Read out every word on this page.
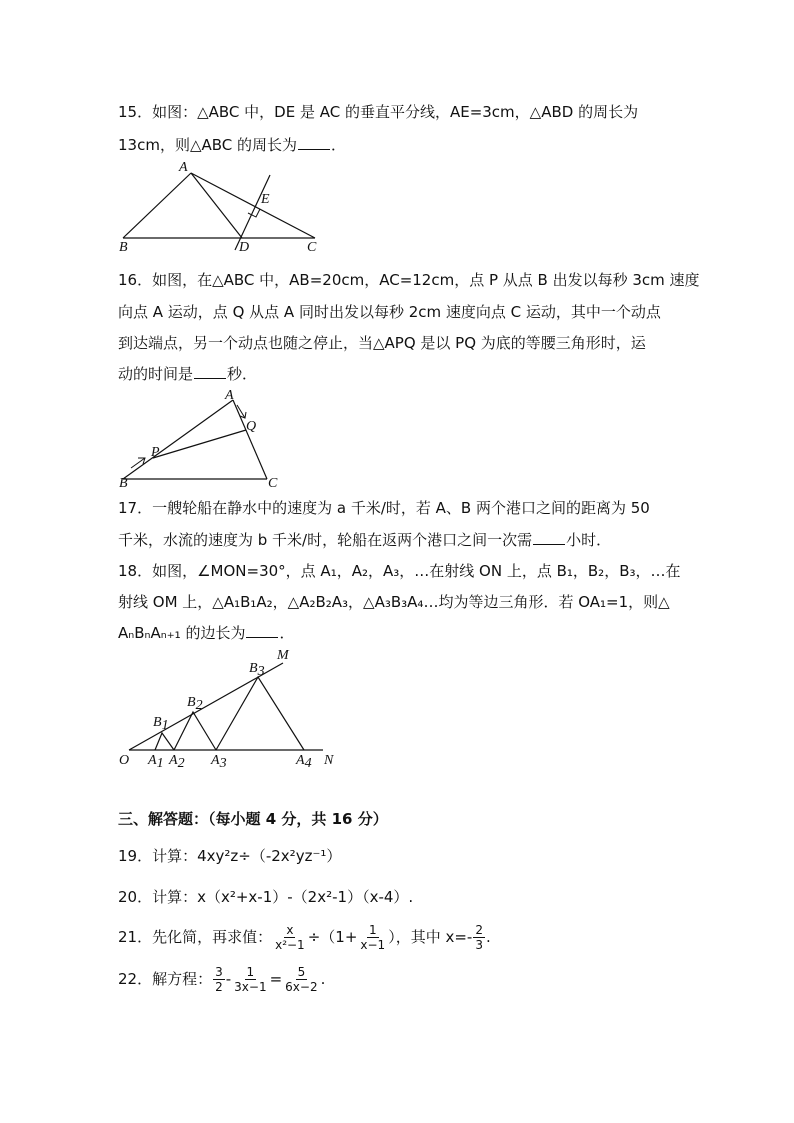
15．如图：△ABC 中，DE 是 AC 的垂直平分线，AE=3cm，△ABD 的周长为
13cm，则△ABC 的周长为 ．
A
B	C
D
E
16．如图，在△ABC 中，AB=20cm，AC=12cm，点 P 从点 B 出发以每秒 3cm 速度
向点 A 运动，点 Q 从点 A 同时出发以每秒 2cm 速度向点 C 运动，其中一个动点
到达端点，另一个动点也随之停止，当△APQ 是以 PQ 为底的等腰三角形时，运
动的时间是 秒．
A
B	C
P
Q
17．一艘轮船在静水中的速度为 a 千米/时，若 A、B 两个港口之间的距离为 50
千米，水流的速度为 b 千米/时，轮船在返两个港口之间一次需 小时．
18．如图，∠MON=30°，点 A₁，A₂，A₃，…在射线 ON 上，点 B₁，B₂，B₃，…在
射线 OM 上，△A₁B₁A₂，△A₂B₂A₃，△A₃B₃A₄…均为等边三角形．若 OA₁=1，则△
AₙBₙAₙ₊₁ 的边长为 ．
O
M
N
A1 A2 A3	A4
B1
B2
B3
三、解答题：（每小题 4 分，共 16 分）
19．计算：4xy²z÷（-2x²yz⁻¹）
20．计算：x（x²+x-1）-（2x²-1）（x-4）.
21．先化简，再求值： $\frac{x}{\text{x²−1}} \div(1+ \frac{1}{x-1}$ ），其中 $x=- \frac{2}{3}$ .
22．解方程： $\frac{3}{2} - \frac{1}{3x-1} = \frac{5}{6x-2}$ .
